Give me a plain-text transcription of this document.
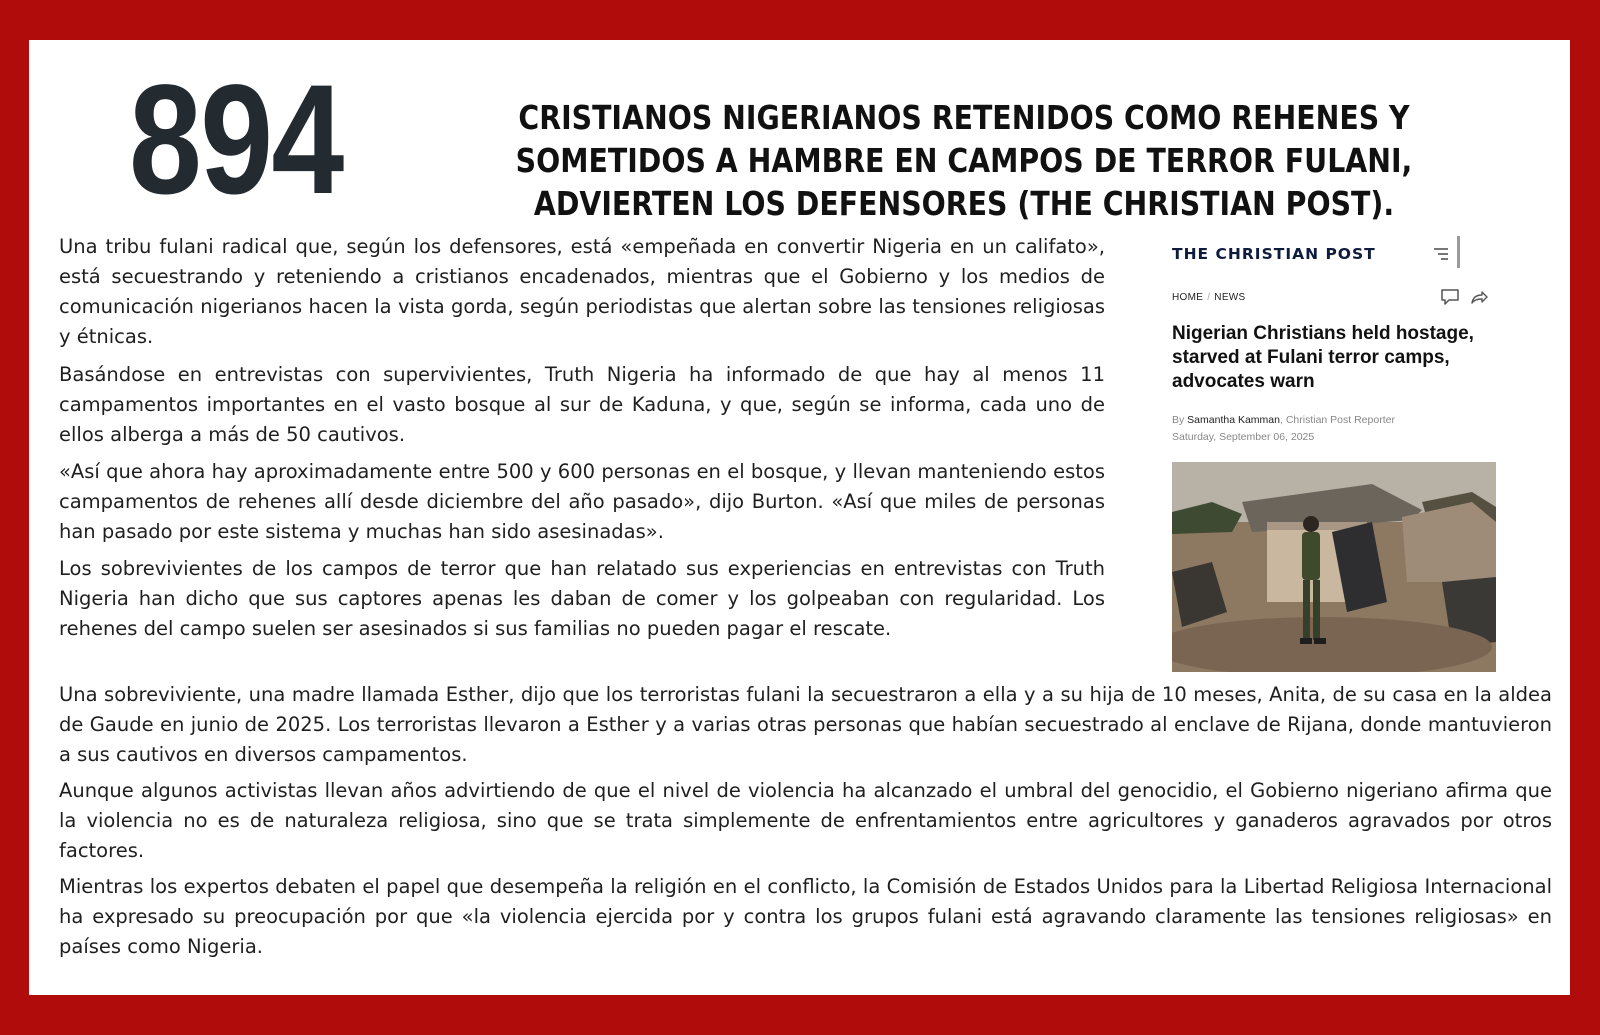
894	CRISTIANOS NIGERIANOS RETENIDOS COMO REHENES Y SOMETIDOS A HAMBRE EN CAMPOS DE TERROR FULANI, ADVIERTEN LOS DEFENSORES (THE CHRISTIAN POST).

Una tribu fulani radical que, según los defensores, está «empeñada en convertir Nigeria en un califato», está secuestrando y reteniendo a cristianos encadenados, mientras que el Gobierno y los medios de comunicación nigerianos hacen la vista gorda, según periodistas que alertan sobre las tensiones religiosas y étnicas.

Basándose en entrevistas con supervivientes, Truth Nigeria ha informado de que hay al menos 11 campamentos importantes en el vasto bosque al sur de Kaduna, y que, según se informa, cada uno de ellos alberga a más de 50 cautivos.

«Así que ahora hay aproximadamente entre 500 y 600 personas en el bosque, y llevan manteniendo estos campamentos de rehenes allí desde diciembre del año pasado», dijo Burton. «Así que miles de personas han pasado por este sistema y muchas han sido asesinadas».

Los sobrevivientes de los campos de terror que han relatado sus experiencias en entrevistas con Truth Nigeria han dicho que sus captores apenas les daban de comer y los golpeaban con regularidad. Los rehenes del campo suelen ser asesinados si sus familias no pueden pagar el rescate.

Una sobreviviente, una madre llamada Esther, dijo que los terroristas fulani la secuestraron a ella y a su hija de 10 meses, Anita, de su casa en la aldea de Gaude en junio de 2025. Los terroristas llevaron a Esther y a varias otras personas que habían secuestrado al enclave de Rijana, donde mantuvieron a sus cautivos en diversos campamentos.

Aunque algunos activistas llevan años advirtiendo de que el nivel de violencia ha alcanzado el umbral del genocidio, el Gobierno nigeriano afirma que la violencia no es de naturaleza religiosa, sino que se trata simplemente de enfrentamientos entre agricultores y ganaderos agravados por otros factores.

Mientras los expertos debaten el papel que desempeña la religión en el conflicto, la Comisión de Estados Unidos para la Libertad Religiosa Internacional ha expresado su preocupación por que «la violencia ejercida por y contra los grupos fulani está agravando claramente las tensiones religiosas» en países como Nigeria.

THE CHRISTIAN POST
HOME / NEWS
Nigerian Christians held hostage, starved at Fulani terror camps, advocates warn
By Samantha Kamman, Christian Post Reporter
Saturday, September 06, 2025
